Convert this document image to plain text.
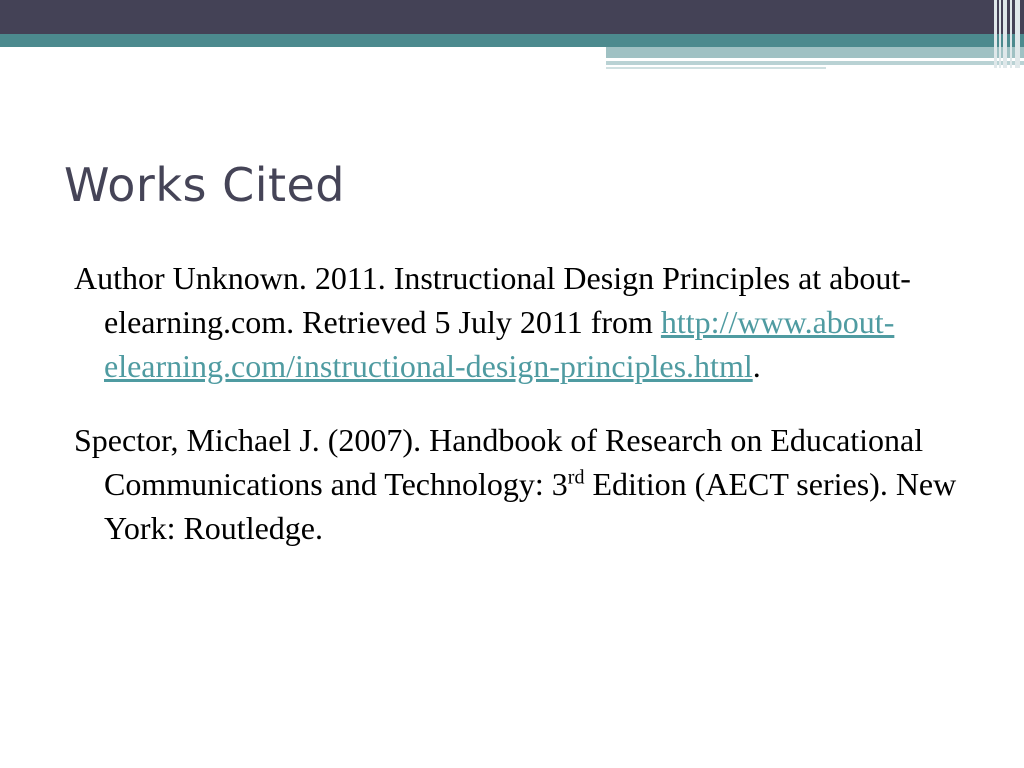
Works Cited

Author Unknown. 2011. Instructional Design Principles at about-elearning.com. Retrieved 5 July 2011 from http://www.about-elearning.com/instructional-design-principles.html.

Spector, Michael J. (2007). Handbook of Research on Educational Communications and Technology: 3rd Edition (AECT series). New York: Routledge.
